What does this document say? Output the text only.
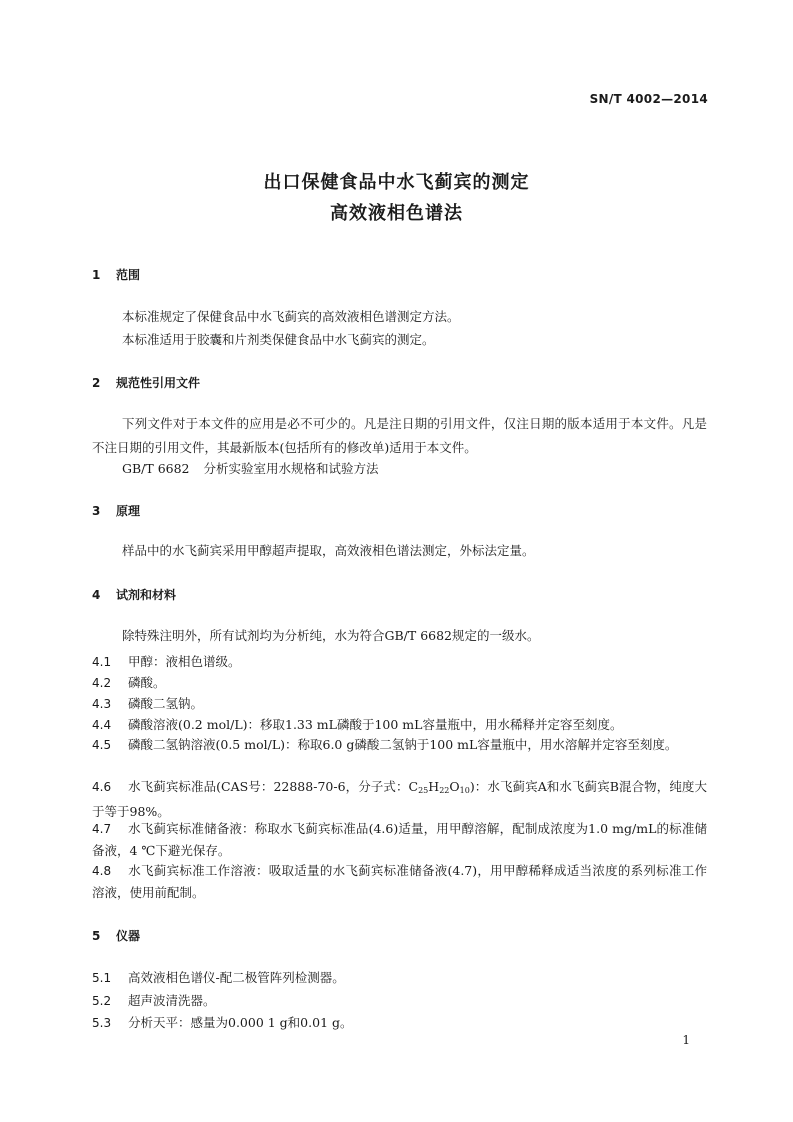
SN/T 4002—2014
出口保健食品中水飞蓟宾的测定
高效液相色谱法
1 范围
本标准规定了保健食品中水飞蓟宾的高效液相色谱测定方法。
本标准适用于胶囊和片剂类保健食品中水飞蓟宾的测定。
2 规范性引用文件
下列文件对于本文件的应用是必不可少的。凡是注日期的引用文件，仅注日期的版本适用于本文件。凡是不注日期的引用文件，其最新版本(包括所有的修改单)适用于本文件。
GB/T 6682 分析实验室用水规格和试验方法
3 原理
样品中的水飞蓟宾采用甲醇超声提取，高效液相色谱法测定，外标法定量。
4 试剂和材料
除特殊注明外，所有试剂均为分析纯，水为符合GB/T 6682规定的一级水。
4.1 甲醇：液相色谱级。
4.2 磷酸。
4.3 磷酸二氢钠。
4.4 磷酸溶液(0.2 mol/L)：移取1.33 mL磷酸于100 mL容量瓶中，用水稀释并定容至刻度。
4.5 磷酸二氢钠溶液(0.5 mol/L)：称取6.0 g磷酸二氢钠于100 mL容量瓶中，用水溶解并定容至刻度。
4.6 水飞蓟宾标准品(CAS号：22888-70-6，分子式：$C_{25}H_{22}O_{10}$)：水飞蓟宾A和水飞蓟宾B混合物，纯度大于等于98%。
4.7 水飞蓟宾标准储备液：称取水飞蓟宾标准品(4.6)适量，用甲醇溶解，配制成浓度为1.0 mg/mL的标准储备液，4 ℃下避光保存。
4.8 水飞蓟宾标准工作溶液：吸取适量的水飞蓟宾标准储备液(4.7)，用甲醇稀释成适当浓度的系列标准工作溶液，使用前配制。
5 仪器
5.1 高效液相色谱仪-配二极管阵列检测器。
5.2 超声波清洗器。
5.3 分析天平：感量为0.000 1 g和0.01 g。
1
